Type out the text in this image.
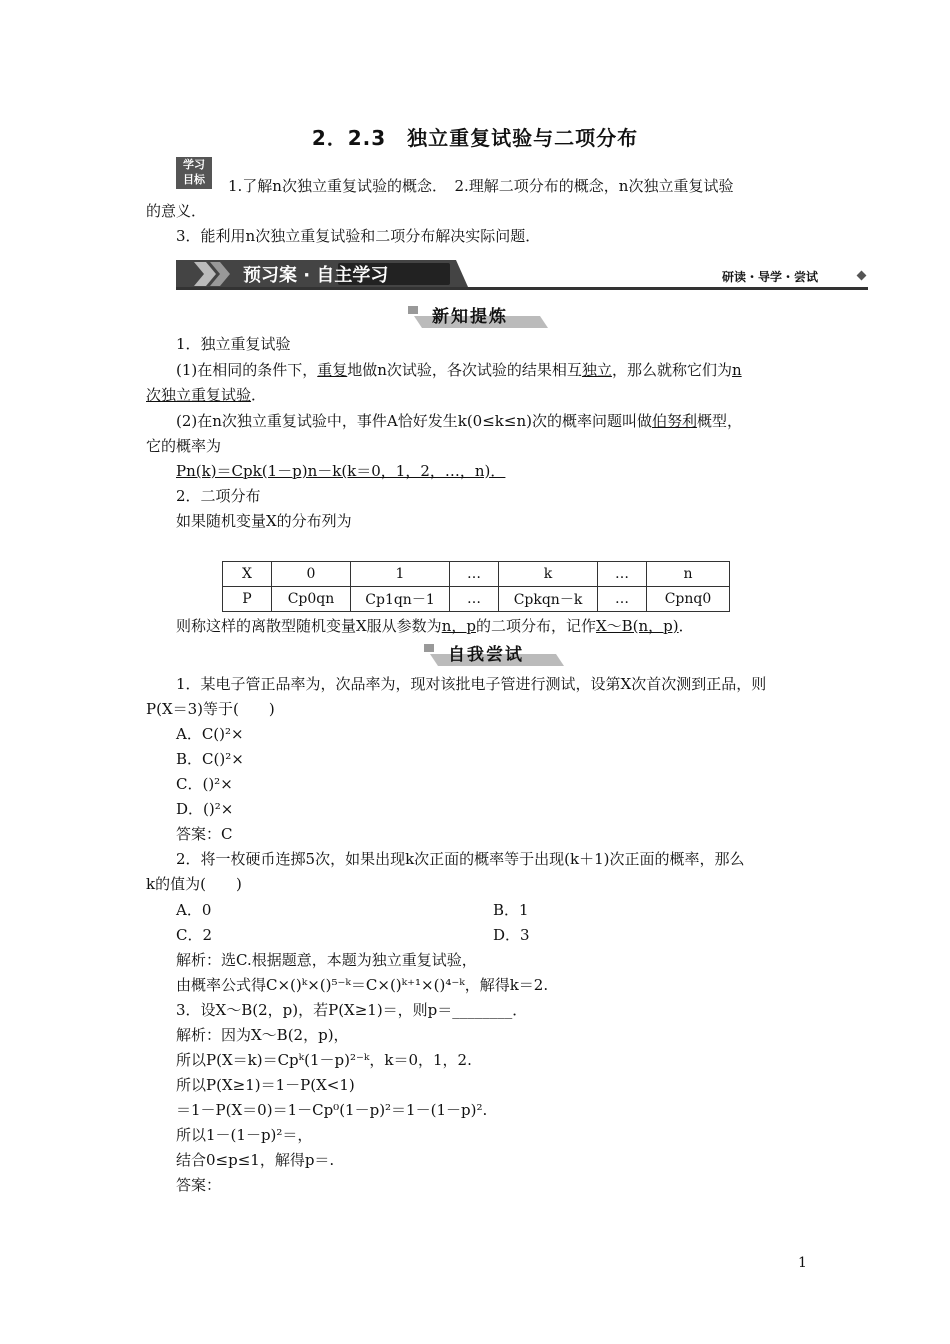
2．2.3　独立重复试验与二项分布
学习
目标	1.了解n次独立重复试验的概念．　2.理解二项分布的概念，n次独立重复试验
的意义．
3．能利用n次独立重复试验和二项分布解决实际问题．
预习案 · 自主学习	研读・导学・尝试
新知提炼
1．独立重复试验
(1)在相同的条件下，重复地做n次试验，各次试验的结果相互独立，那么就称它们为n
次独立重复试验．
(2)在n次独立重复试验中，事件A恰好发生k(0≤k≤n)次的概率问题叫做伯努利概型，
它的概率为
Pn(k)＝Cpk(1－p)n－k(k＝0，1，2，…，n)．
2．二项分布
如果随机变量X的分布列为
X	0	1	…	k	…	n
P	Cp0qn	Cp1qn－1	…	Cpkqn－k	…	Cpnq0
则称这样的离散型随机变量X服从参数为n，p的二项分布，记作X～B(n，p)．
自我尝试
1．某电子管正品率为，次品率为，现对该批电子管进行测试，设第X次首次测到正品，则
P(X＝3)等于(　　)
A．C()²×
B．C()²×
C．()²×
D．()²×
答案：C
2．将一枚硬币连掷5次，如果出现k次正面的概率等于出现(k＋1)次正面的概率，那么
k的值为(　　)
A．0	B．1
C．2	D．3
解析：选C.根据题意，本题为独立重复试验，
由概率公式得C×()ᵏ×()⁵⁻ᵏ＝C×()ᵏ⁺¹×()⁴⁻ᵏ，解得k＝2.
3．设X～B(2，p)，若P(X≥1)＝，则p＝________．
解析：因为X～B(2，p)，
所以P(X＝k)＝Cpᵏ(1－p)²⁻ᵏ，k＝0，1，2.
所以P(X≥1)＝1－P(X<1)
＝1－P(X＝0)＝1－Cp⁰(1－p)²＝1－(1－p)².
所以1－(1－p)²＝，
结合0≤p≤1，解得p＝.
答案：
1
